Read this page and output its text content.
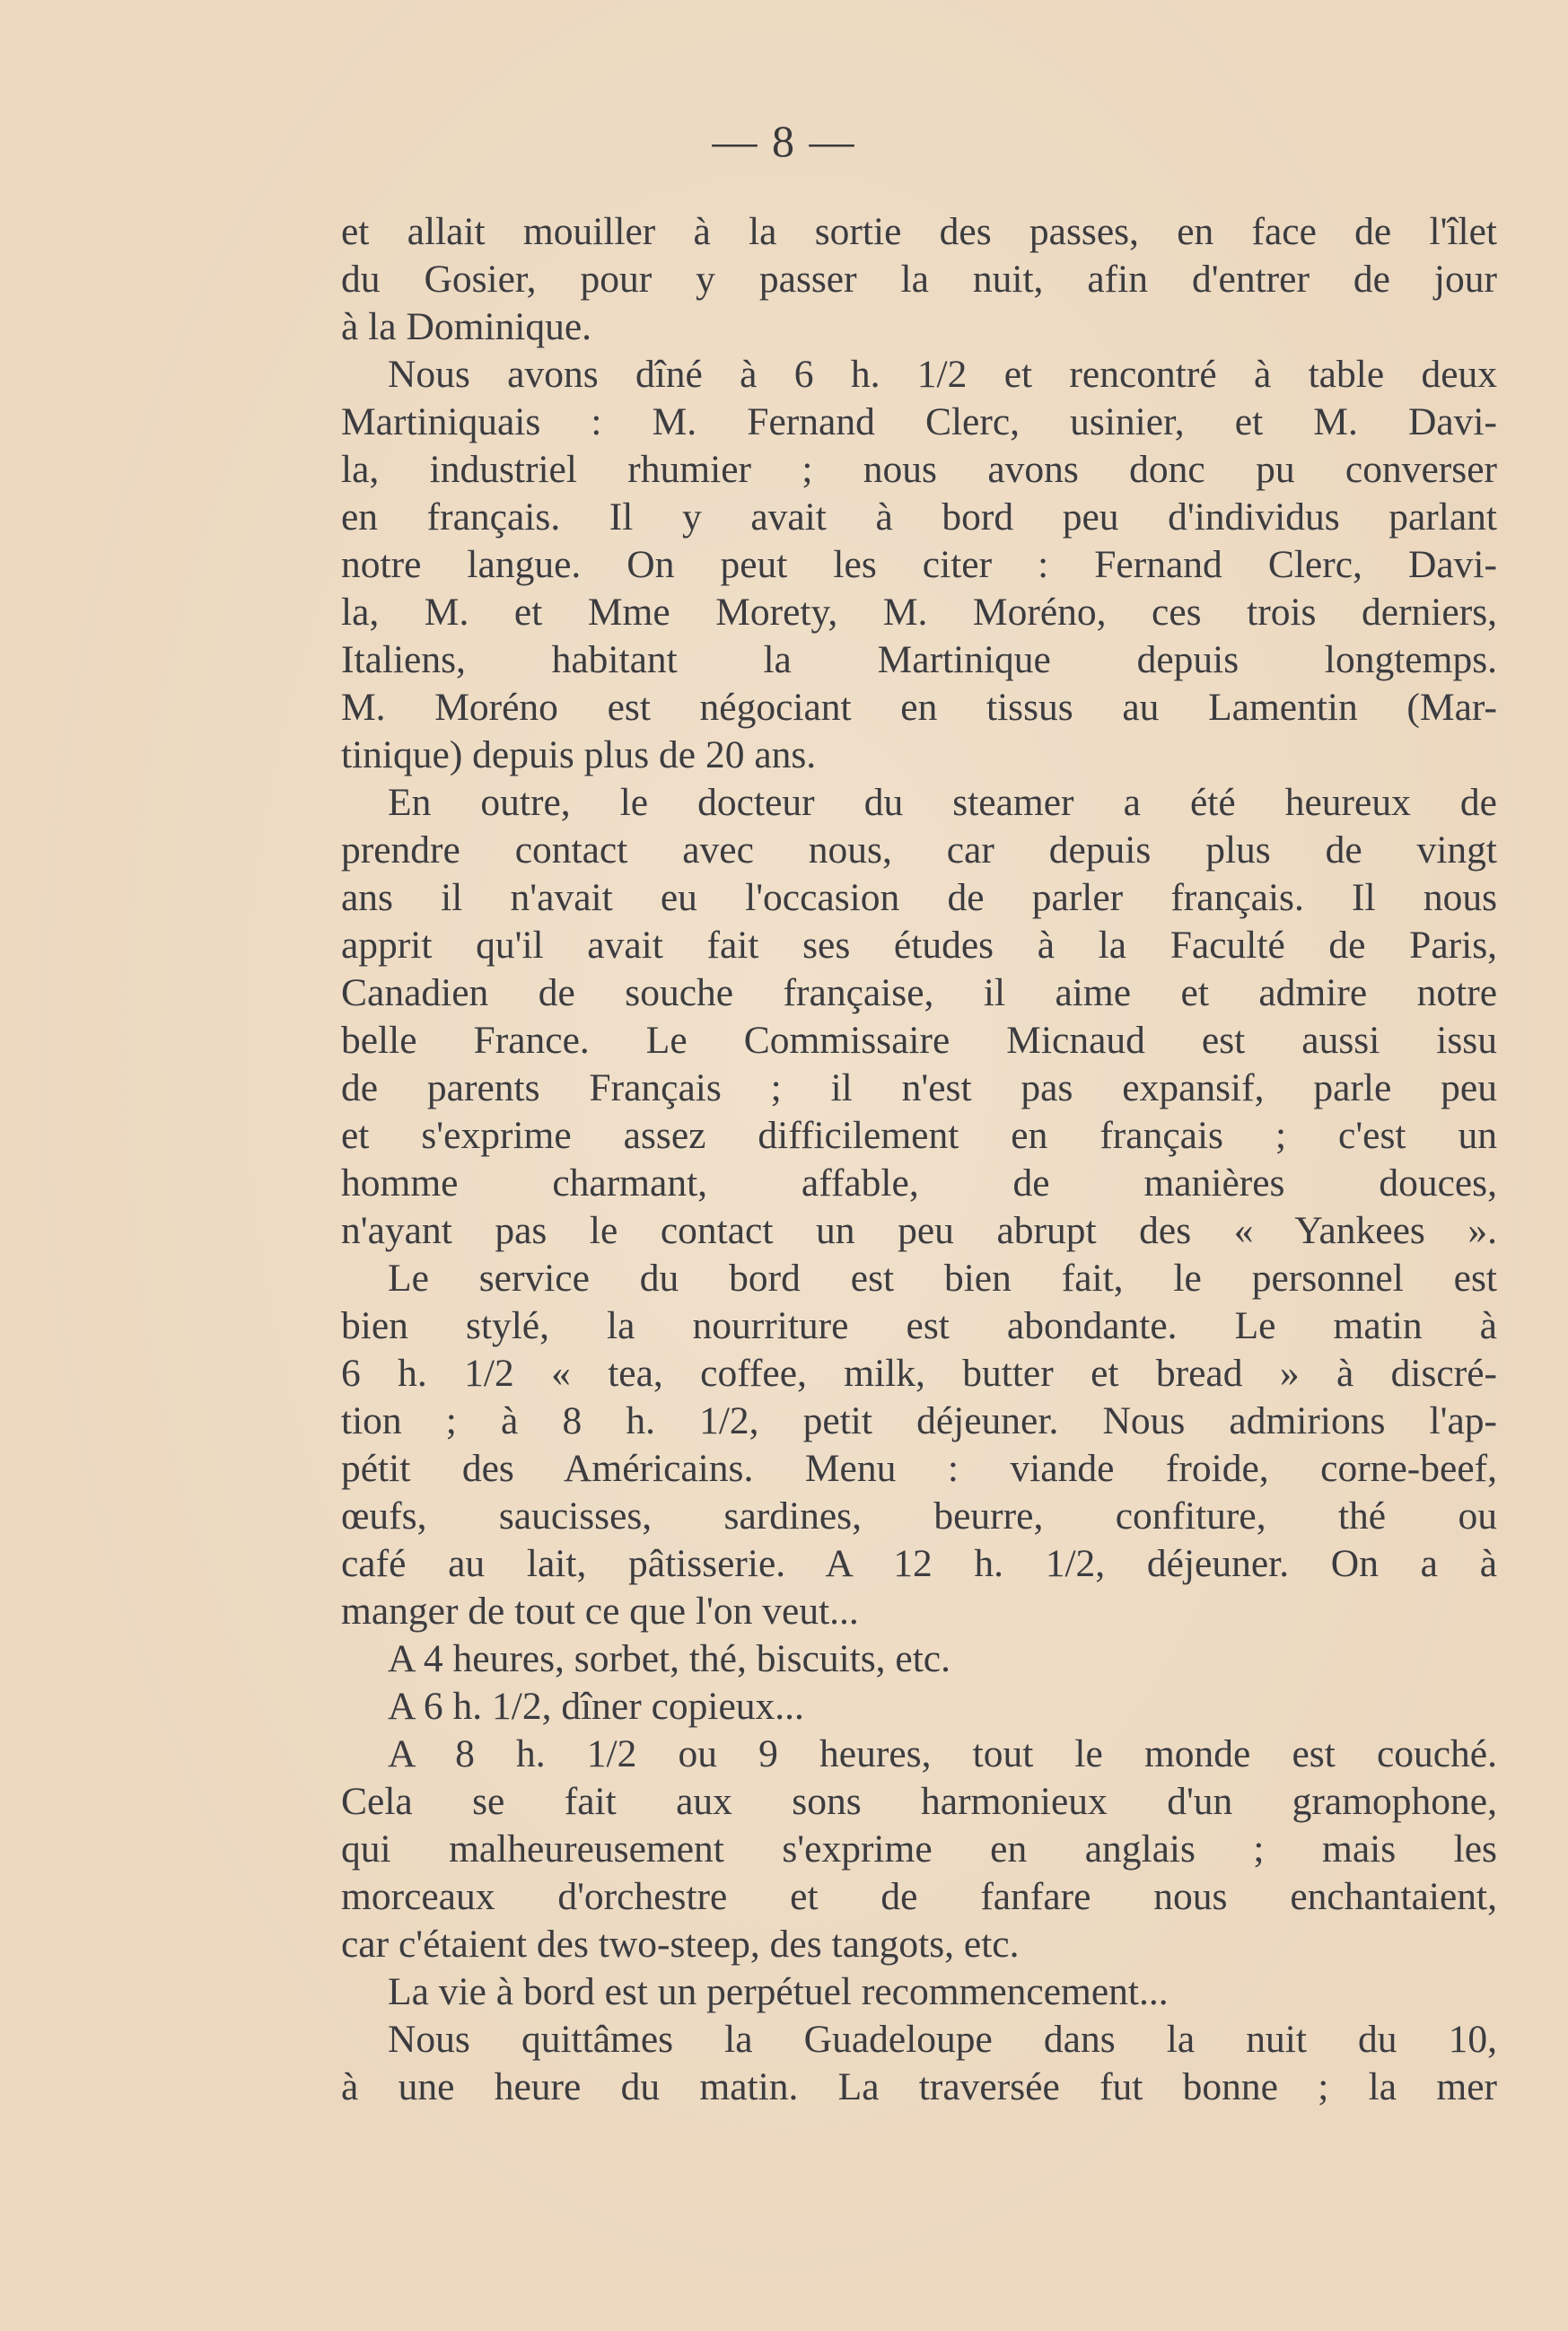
— 8 —
et allait mouiller à la sortie des passes, en face de l'îlet
du Gosier, pour y passer la nuit, afin d'entrer de jour
à la Dominique.
Nous avons dîné à 6 h. 1/2 et rencontré à table deux
Martiniquais : M. Fernand Clerc, usinier, et M. Davi-
la, industriel rhumier ; nous avons donc pu converser
en français. Il y avait à bord peu d'individus parlant
notre langue. On peut les citer : Fernand Clerc, Davi-
la, M. et Mme Morety, M. Moréno, ces trois derniers,
Italiens, habitant la Martinique depuis longtemps.
M. Moréno est négociant en tissus au Lamentin (Mar-
tinique) depuis plus de 20 ans.
En outre, le docteur du steamer a été heureux de
prendre contact avec nous, car depuis plus de vingt
ans il n'avait eu l'occasion de parler français. Il nous
apprit qu'il avait fait ses études à la Faculté de Paris,
Canadien de souche française, il aime et admire notre
belle France. Le Commissaire Micnaud est aussi issu
de parents Français ; il n'est pas expansif, parle peu
et s'exprime assez difficilement en français ; c'est un
homme charmant, affable, de manières douces,
n'ayant pas le contact un peu abrupt des « Yankees ».
Le service du bord est bien fait, le personnel est
bien stylé, la nourriture est abondante. Le matin à
6 h. 1/2 « tea, coffee, milk, butter et bread » à discré-
tion ; à 8 h. 1/2, petit déjeuner. Nous admirions l'ap-
pétit des Américains. Menu : viande froide, corne-beef,
œufs, saucisses, sardines, beurre, confiture, thé ou
café au lait, pâtisserie. A 12 h. 1/2, déjeuner. On a à
manger de tout ce que l'on veut...
A 4 heures, sorbet, thé, biscuits, etc.
A 6 h. 1/2, dîner copieux...
A 8 h. 1/2 ou 9 heures, tout le monde est couché.
Cela se fait aux sons harmonieux d'un gramophone,
qui malheureusement s'exprime en anglais ; mais les
morceaux d'orchestre et de fanfare nous enchantaient,
car c'étaient des two-steep, des tangots, etc.
La vie à bord est un perpétuel recommencement...
Nous quittâmes la Guadeloupe dans la nuit du 10,
à une heure du matin. La traversée fut bonne ; la mer
